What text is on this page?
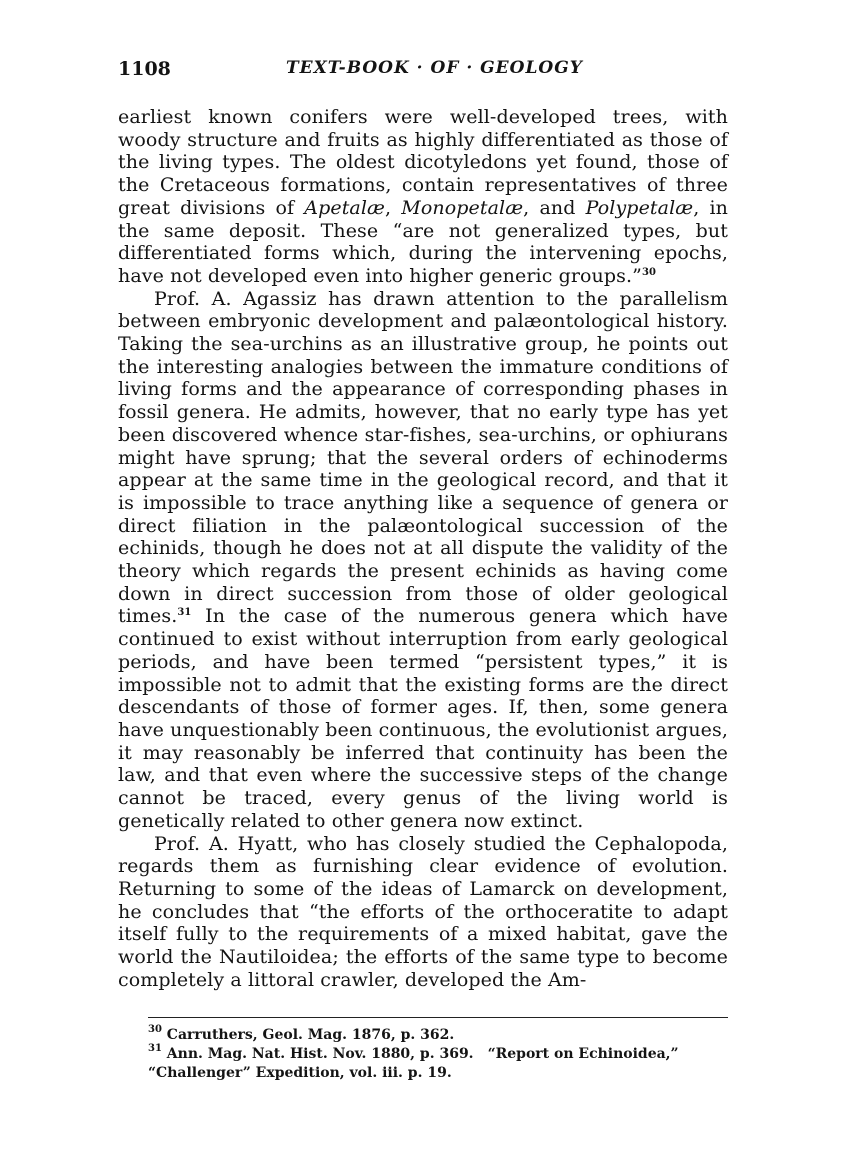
1108	TEXT-BOOK · OF · GEOLOGY

earliest known conifers were well-developed trees, with woody structure and fruits as highly differentiated as those of the living types. The oldest dicotyledons yet found, those of the Cretaceous formations, contain representatives of three great divisions of Apetalæ, Monopetalæ, and Polypetalæ, in the same deposit. These “are not generalized types, but differentiated forms which, during the intervening epochs, have not developed even into higher generic groups.”$^{30}$

Prof. A. Agassiz has drawn attention to the parallelism between embryonic development and palæontological history. Taking the sea-urchins as an illustrative group, he points out the interesting analogies between the immature conditions of living forms and the appearance of corresponding phases in fossil genera. He admits, however, that no early type has yet been discovered whence star-fishes, sea-urchins, or ophiurans might have sprung; that the several orders of echinoderms appear at the same time in the geological record, and that it is impossible to trace anything like a sequence of genera or direct filiation in the palæontological succession of the echinids, though he does not at all dispute the validity of the theory which regards the present echinids as having come down in direct succession from those of older geological times.$^{31}$ In the case of the numerous genera which have continued to exist without interruption from early geological periods, and have been termed “persistent types,” it is impossible not to admit that the existing forms are the direct descendants of those of former ages. If, then, some genera have unquestionably been continuous, the evolutionist argues, it may reasonably be inferred that continuity has been the law, and that even where the successive steps of the change cannot be traced, every genus of the living world is genetically related to other genera now extinct.

Prof. A. Hyatt, who has closely studied the Cephalopoda, regards them as furnishing clear evidence of evolution. Returning to some of the ideas of Lamarck on development, he concludes that “the efforts of the orthoceratite to adapt itself fully to the requirements of a mixed habitat, gave the world the Nautiloidea; the efforts of the same type to become completely a littoral crawler, developed the Am-

$^{30}$ Carruthers, Geol. Mag. 1876, p. 362.

$^{31}$ Ann. Mag. Nat. Hist. Nov. 1880, p. 369. “Report on Echinoidea,” “Challenger” Expedition, vol. iii. p. 19.
